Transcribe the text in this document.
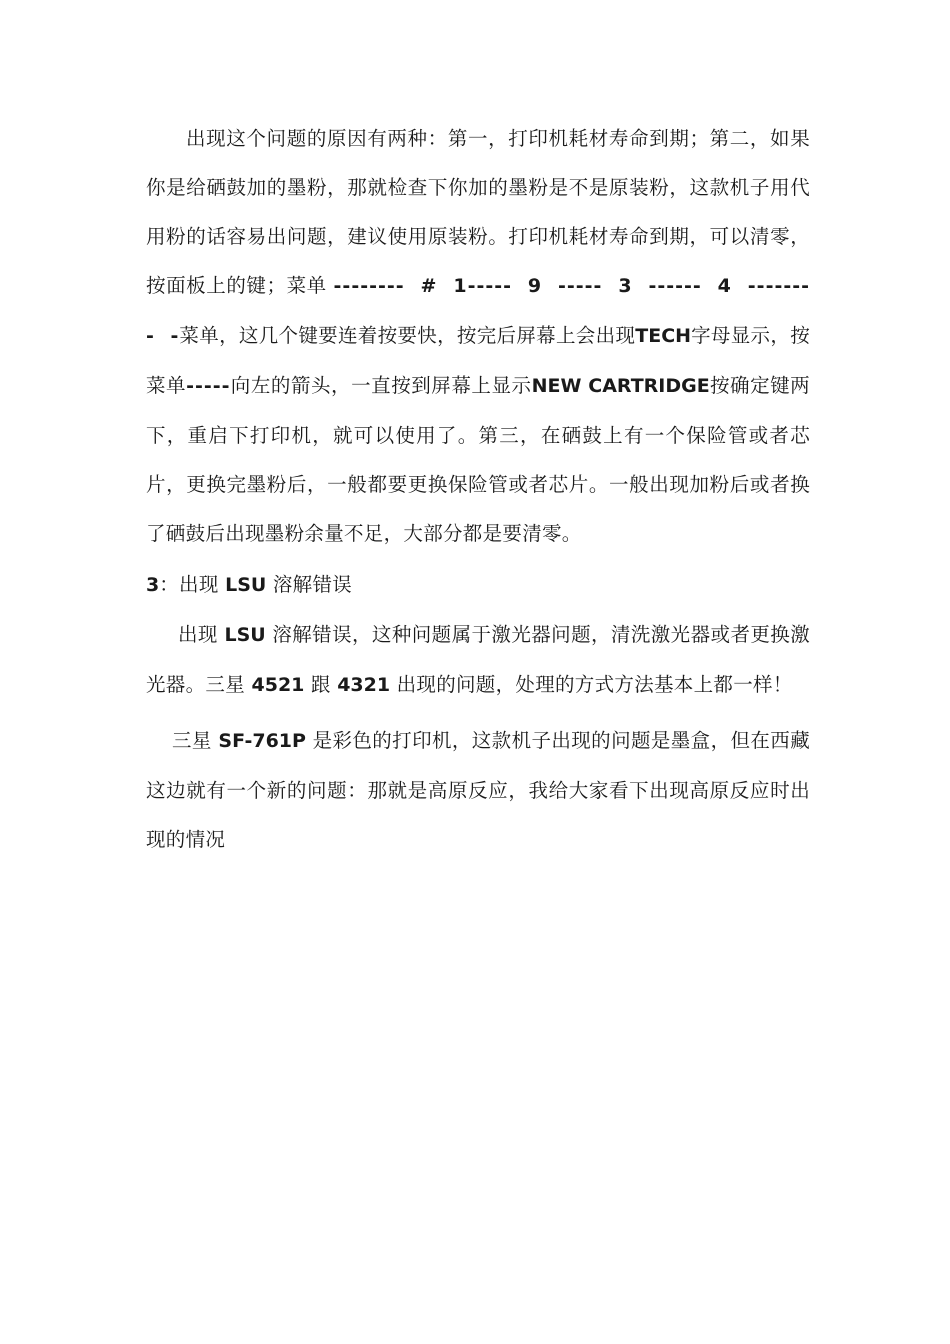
出现这个问题的原因有两种：第一，打印机耗材寿命到期；第二，如果你是给硒鼓加的墨粉，那就检查下你加的墨粉是不是原装粉，这款机子用代用粉的话容易出问题，建议使用原装粉。打印机耗材寿命到期，可以清零，按面板上的键；菜单 -------- # 1----- 9 ----- 3 ------ 4 -------- -菜单，这几个键要连着按要快，按完后屏幕上会出现TECH字母显示，按菜单-----向左的箭头，一直按到屏幕上显示NEW CARTRIDGE按确定键两下，重启下打印机，就可以使用了。第三，在硒鼓上有一个保险管或者芯片，更换完墨粉后，一般都要更换保险管或者芯片。一般出现加粉后或者换了硒鼓后出现墨粉余量不足，大部分都是要清零。

3：出现 LSU 溶解错误

出现 LSU 溶解错误，这种问题属于激光器问题，清洗激光器或者更换激光器。三星 4521 跟 4321 出现的问题，处理的方式方法基本上都一样！

三星 SF-761P 是彩色的打印机，这款机子出现的问题是墨盒，但在西藏这边就有一个新的问题：那就是高原反应，我给大家看下出现高原反应时出现的情况
